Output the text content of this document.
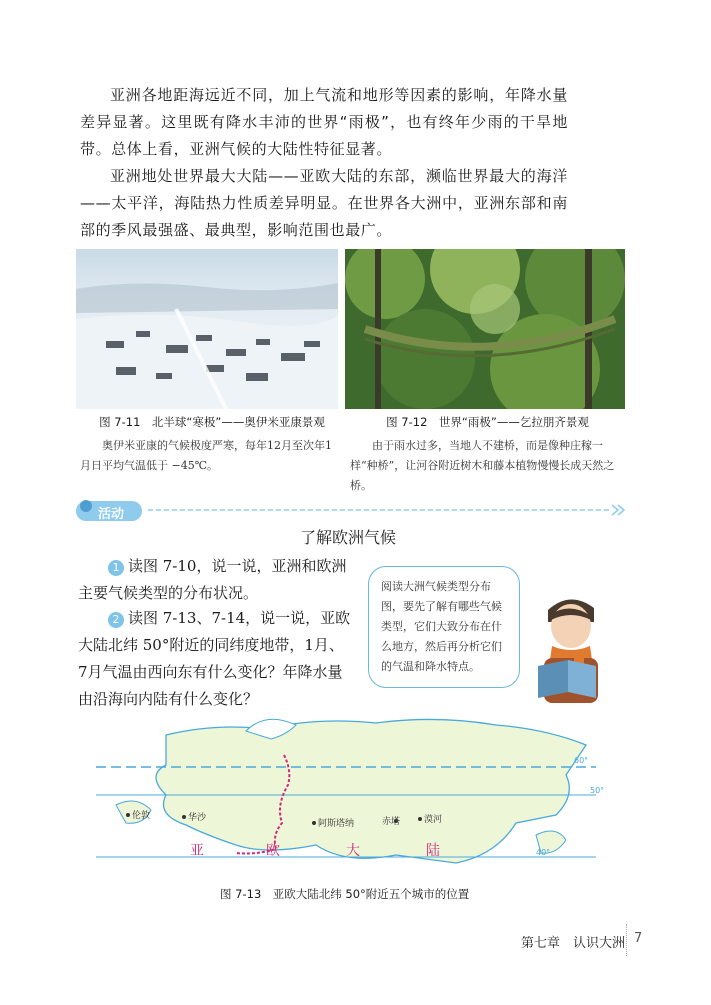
亚洲各地距海远近不同，加上气流和地形等因素的影响，年降水量差异显著。这里既有降水丰沛的世界“雨极”，也有终年少雨的干旱地带。总体上看，亚洲气候的大陆性特征显著。

亚洲地处世界最大大陆——亚欧大陆的东部，濒临世界最大的海洋——太平洋，海陆热力性质差异明显。在世界各大洲中，亚洲东部和南部的季风最强盛、最典型，影响范围也最广。

图 7-11　北半球“寒极”——奥伊米亚康景观	图 7-12　世界“雨极”——乞拉朋齐景观

奥伊米亚康的气候极度严寒，每年12月至次年1月日平均气温低于 −45℃。

由于雨水过多，当地人不建桥，而是像种庄稼一样“种桥”，让河谷附近树木和藤本植物慢慢长成天然之桥。

活动
了解欧洲气候

1 读图 7-10，说一说，亚洲和欧洲主要气候类型的分布状况。

2 读图 7-13、7-14，说一说，亚欧大陆北纬 50°附近的同纬度地带，1月、7月气温由西向东有什么变化？年降水量由沿海向内陆有什么变化？

阅读大洲气候类型分布图，要先了解有哪些气候类型，它们大致分布在什么地方，然后再分析它们的气温和降水特点。
伦敦	华沙
阿斯塔纳	赤塔	漠河
60°
50°
40°
亚	欧	大	陆
图 7-13　亚欧大陆北纬 50°附近五个城市的位置
第七章　认识大洲 7
